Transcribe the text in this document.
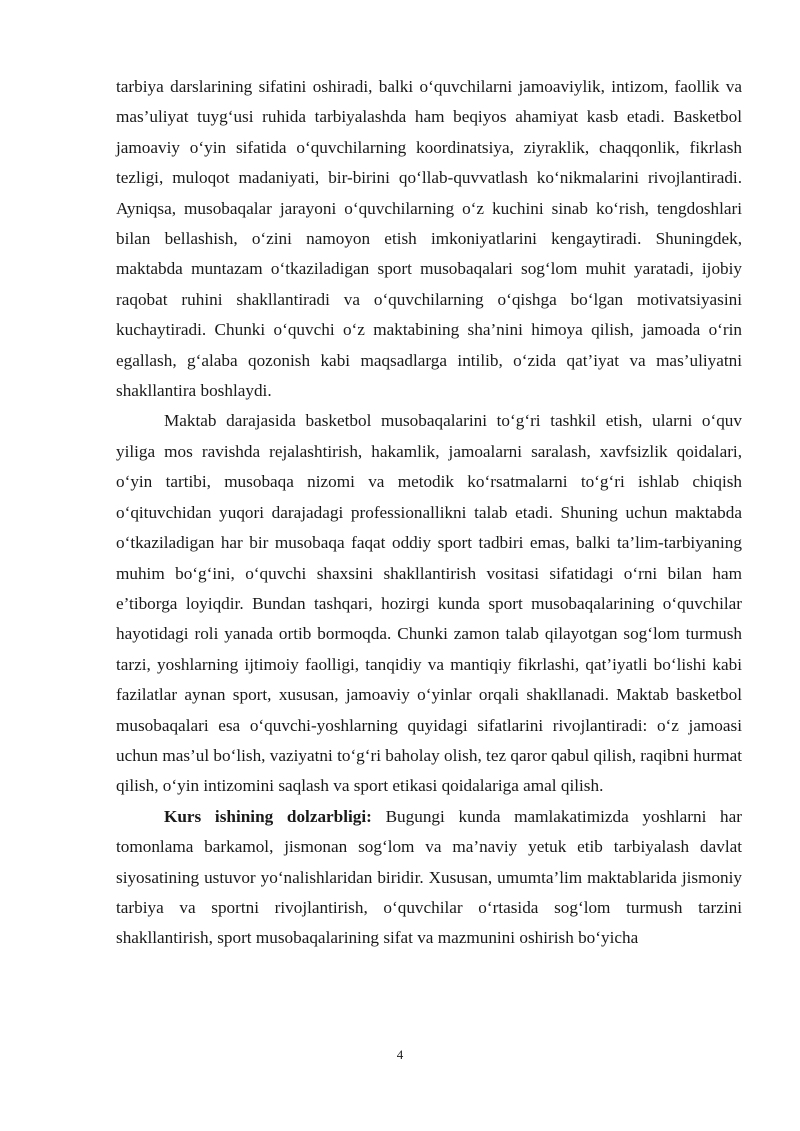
tarbiya darslarining sifatini oshiradi, balki o‘quvchilarni jamoaviylik, intizom, faollik va mas’uliyat tuyg‘usi ruhida tarbiyalashda ham beqiyos ahamiyat kasb etadi. Basketbol jamoaviy o‘yin sifatida o‘quvchilarning koordinatsiya, ziyraklik, chaqqonlik, fikrlash tezligi, muloqot madaniyati, bir-birini qo‘llab-quvvatlash ko‘nikmalarini rivojlantiradi. Ayniqsa, musobaqalar jarayoni o‘quvchilarning o‘z kuchini sinab ko‘rish, tengdoshlari bilan bellashish, o‘zini namoyon etish imkoniyatlarini kengaytiradi. Shuningdek, maktabda muntazam o‘tkaziladigan sport musobaqalari sog‘lom muhit yaratadi, ijobiy raqobat ruhini shakllantiradi va o‘quvchilarning o‘qishga bo‘lgan motivatsiyasini kuchaytiradi. Chunki o‘quvchi o‘z maktabining sha’nini himoya qilish, jamoada o‘rin egallash, g‘alaba qozonish kabi maqsadlarga intilib, o‘zida qat’iyat va mas’uliyatni shakllantira boshlaydi.

Maktab darajasida basketbol musobaqalarini to‘g‘ri tashkil etish, ularni o‘quv yiliga mos ravishda rejalashtirish, hakamlik, jamoalarni saralash, xavfsizlik qoidalari, o‘yin tartibi, musobaqa nizomi va metodik ko‘rsatmalarni to‘g‘ri ishlab chiqish o‘qituvchidan yuqori darajadagi professionallikni talab etadi. Shuning uchun maktabda o‘tkaziladigan har bir musobaqa faqat oddiy sport tadbiri emas, balki ta’lim-tarbiyaning muhim bo‘g‘ini, o‘quvchi shaxsini shakllantirish vositasi sifatidagi o‘rni bilan ham e’tiborga loyiqdir. Bundan tashqari, hozirgi kunda sport musobaqalarining o‘quvchilar hayotidagi roli yanada ortib bormoqda. Chunki zamon talab qilayotgan sog‘lom turmush tarzi, yoshlarning ijtimoiy faolligi, tanqidiy va mantiqiy fikrlashi, qat’iyatli bo‘lishi kabi fazilatlar aynan sport, xususan, jamoaviy o‘yinlar orqali shakllanadi. Maktab basketbol musobaqalari esa o‘quvchi-yoshlarning quyidagi sifatlarini rivojlantiradi: o‘z jamoasi uchun mas’ul bo‘lish, vaziyatni to‘g‘ri baholay olish, tez qaror qabul qilish, raqibni hurmat qilish, o‘yin intizomini saqlash va sport etikasi qoidalariga amal qilish.

Kurs ishining dolzarbligi: Bugungi kunda mamlakatimizda yoshlarni har tomonlama barkamol, jismonan sog‘lom va ma’naviy yetuk etib tarbiyalash davlat siyosatining ustuvor yo‘nalishlaridan biridir. Xususan, umumta’lim maktablarida jismoniy tarbiya va sportni rivojlantirish, o‘quvchilar o‘rtasida sog‘lom turmush tarzini shakllantirish, sport musobaqalarining sifat va mazmunini oshirish bo‘yicha

4
